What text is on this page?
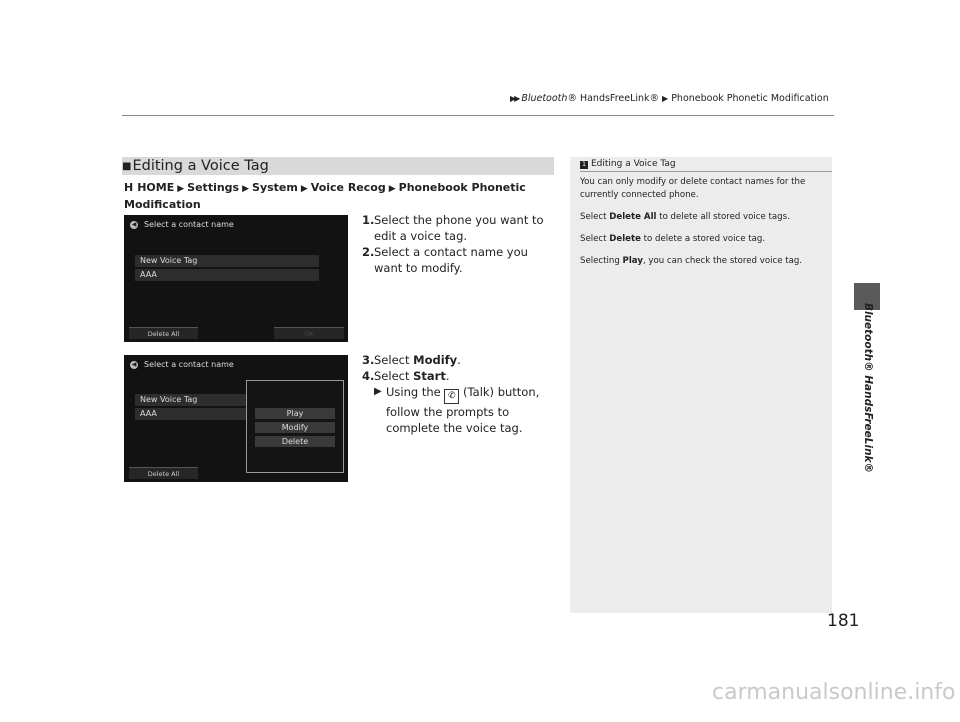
▶▶ Bluetooth® HandsFreeLink® ▶ Phonebook Phonetic Modification
Bluetooth® HandsFreeLink®
■Editing a Voice Tag
H HOME ▶ Settings ▶ System ▶ Voice Recog ▶ Phonebook Phonetic
Modification
◀ Select a contact name
New Voice Tag
AAA
Delete All	OK
◀ Select a contact name
New Voice Tag
AAA
Delete All
Play
Modify
Delete
1. Select the phone you want to edit a voice tag.
2. Select a contact name you want to modify.
3. Select Modify.
4. Select Start.
▶ Using the ✆ (Talk) button, follow the prompts to complete the voice tag.
1 Editing a Voice Tag

You can only modify or delete contact names for the currently connected phone.

Select Delete All to delete all stored voice tags.

Select Delete to delete a stored voice tag.

Selecting Play, you can check the stored voice tag.

181
carmanualsonline.info
